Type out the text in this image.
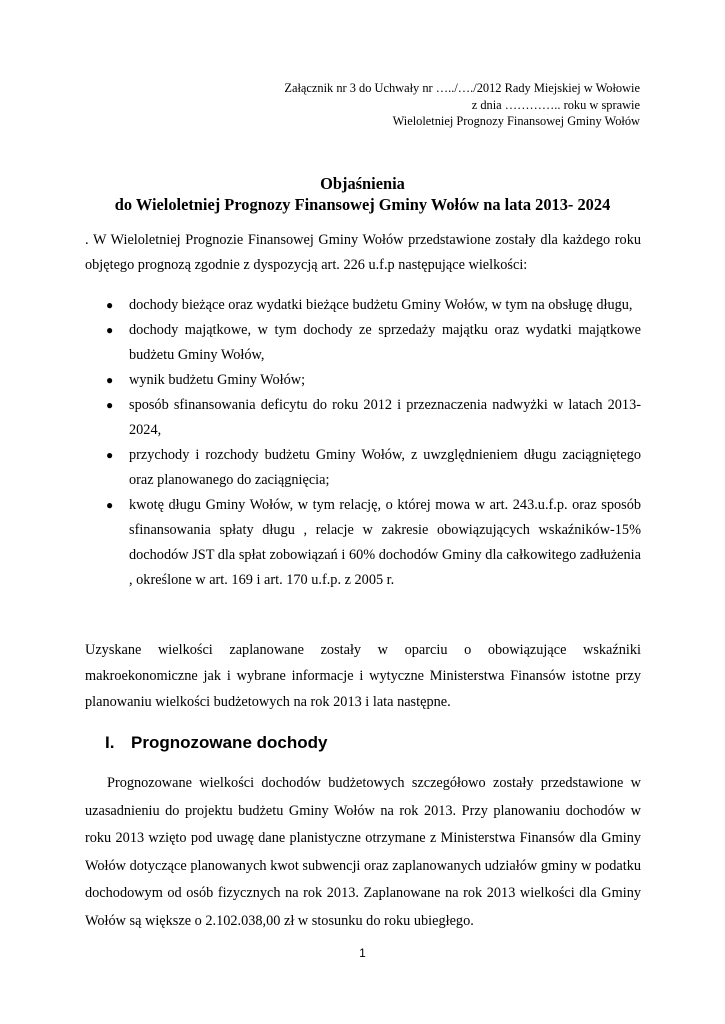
Załącznik nr 3 do Uchwały nr …../…./2012 Rady Miejskiej w Wołowie
z dnia ………….. roku w sprawie
Wieloletniej Prognozy Finansowej Gminy Wołów
Objaśnienia
do Wieloletniej Prognozy Finansowej Gminy Wołów na lata 2013- 2024

. W Wieloletniej Prognozie Finansowej Gminy Wołów przedstawione zostały dla każdego roku objętego prognozą zgodnie z dyspozycją art. 226 u.f.p następujące wielkości:

● dochody bieżące oraz wydatki bieżące budżetu Gminy Wołów, w tym na obsługę długu,
● dochody majątkowe, w tym dochody ze sprzedaży majątku oraz wydatki majątkowe budżetu Gminy Wołów,
● wynik budżetu Gminy Wołów;
● sposób sfinansowania deficytu do roku 2012 i przeznaczenia nadwyżki w latach 2013-2024,
● przychody i rozchody budżetu Gminy Wołów, z uwzględnieniem długu zaciągniętego oraz planowanego do zaciągnięcia;
● kwotę długu Gminy Wołów, w tym relację, o której mowa w art. 243.u.f.p. oraz sposób sfinansowania spłaty długu , relacje w zakresie obowiązujących wskaźników-15% dochodów JST dla spłat zobowiązań i 60% dochodów Gminy dla całkowitego zadłużenia , określone w art. 169 i art. 170 u.f.p. z 2005 r.

Uzyskane wielkości zaplanowane zostały w oparciu o obowiązujące wskaźniki makroekonomiczne jak i wybrane informacje i wytyczne Ministerstwa Finansów istotne przy planowaniu wielkości budżetowych na rok 2013 i lata następne.

I. Prognozowane dochody

Prognozowane wielkości dochodów budżetowych szczegółowo zostały przedstawione w uzasadnieniu do projektu budżetu Gminy Wołów na rok 2013. Przy planowaniu dochodów w roku 2013 wzięto pod uwagę dane planistyczne otrzymane z Ministerstwa Finansów dla Gminy Wołów dotyczące planowanych kwot subwencji oraz zaplanowanych udziałów gminy w podatku dochodowym od osób fizycznych na rok 2013. Zaplanowane na rok 2013 wielkości dla Gminy Wołów są większe o 2.102.038,00 zł w stosunku do roku ubiegłego.

1
